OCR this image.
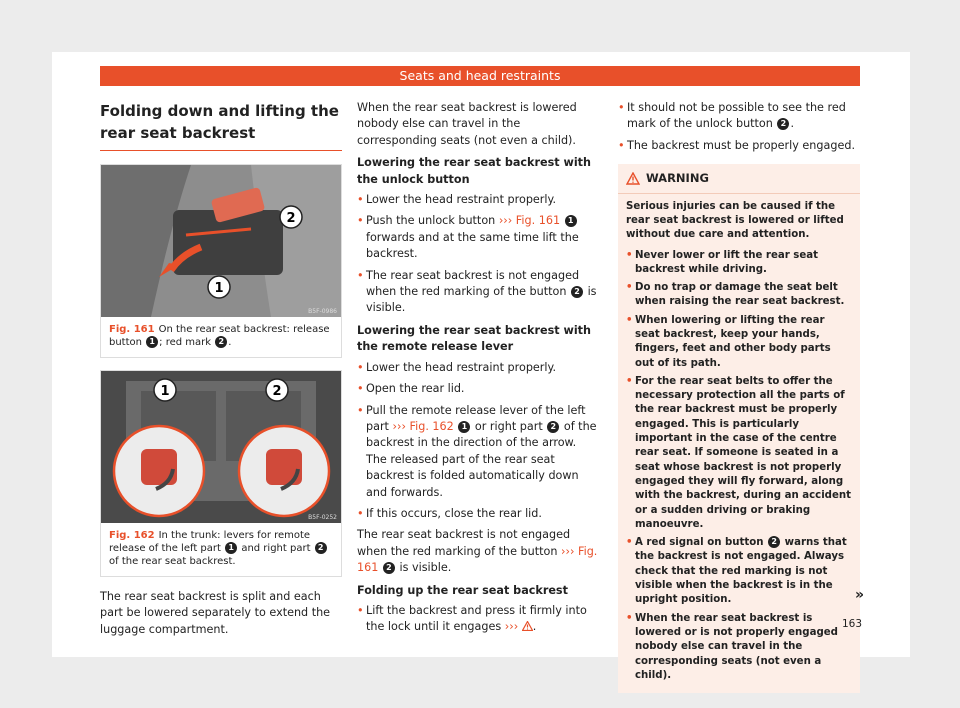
Seats and head restraints
Folding down and lifting the rear seat backrest
2
1
B5F-0986
Fig. 161 On the rear seat backrest: release button 1 ; red mark 2 .
1	2
B5F-0252
Fig. 162 In the trunk: levers for remote release of the left part 1 and right part 2 of the rear seat backrest.

The rear seat backrest is split and each part be lowered separately to extend the luggage compartment.

When the rear seat backrest is lowered nobody else can travel in the corresponding seats (not even a child).

Lowering the rear seat backrest with the unlock button
• Lower the head restraint properly.
• Push the unlock button ››› Fig. 161 1 forwards and at the same time lift the backrest.
• The rear seat backrest is not engaged when the red marking of the button 2 is visible.
Lowering the rear seat backrest with the remote release lever
• Lower the head restraint properly.
• Open the rear lid.
• Pull the remote release lever of the left part ››› Fig. 162 1 or right part 2 of the backrest in the direction of the arrow. The released part of the rear seat backrest is folded automatically down and forwards.
• If this occurs, close the rear lid.

The rear seat backrest is not engaged when the red marking of the button ››› Fig. 161 2 is visible.

Folding up the rear seat backrest
• Lift the backrest and press it firmly into the lock until it engages ››› .
• It should not be possible to see the red mark of the unlock button 2 .
• The backrest must be properly engaged.
WARNING

Serious injuries can be caused if the rear seat backrest is lowered or lifted without due care and attention.

• Never lower or lift the rear seat backrest while driving.
• Do no trap or damage the seat belt when raising the rear seat backrest.
• When lowering or lifting the rear seat backrest, keep your hands, fingers, feet and other body parts out of its path.
• For the rear seat belts to offer the necessary protection all the parts of the rear backrest must be properly engaged. This is particularly important in the case of the centre rear seat. If someone is seated in a seat whose backrest is not properly engaged they will fly forward, along with the backrest, during an accident or a sudden driving or braking manoeuvre.
• A red signal on button 2 warns that the backrest is not engaged. Always check that the red marking is not visible when the backrest is in the upright position.
• When the rear seat backrest is lowered or is not properly engaged nobody else can travel in the corresponding seats (not even a child).
»
163
